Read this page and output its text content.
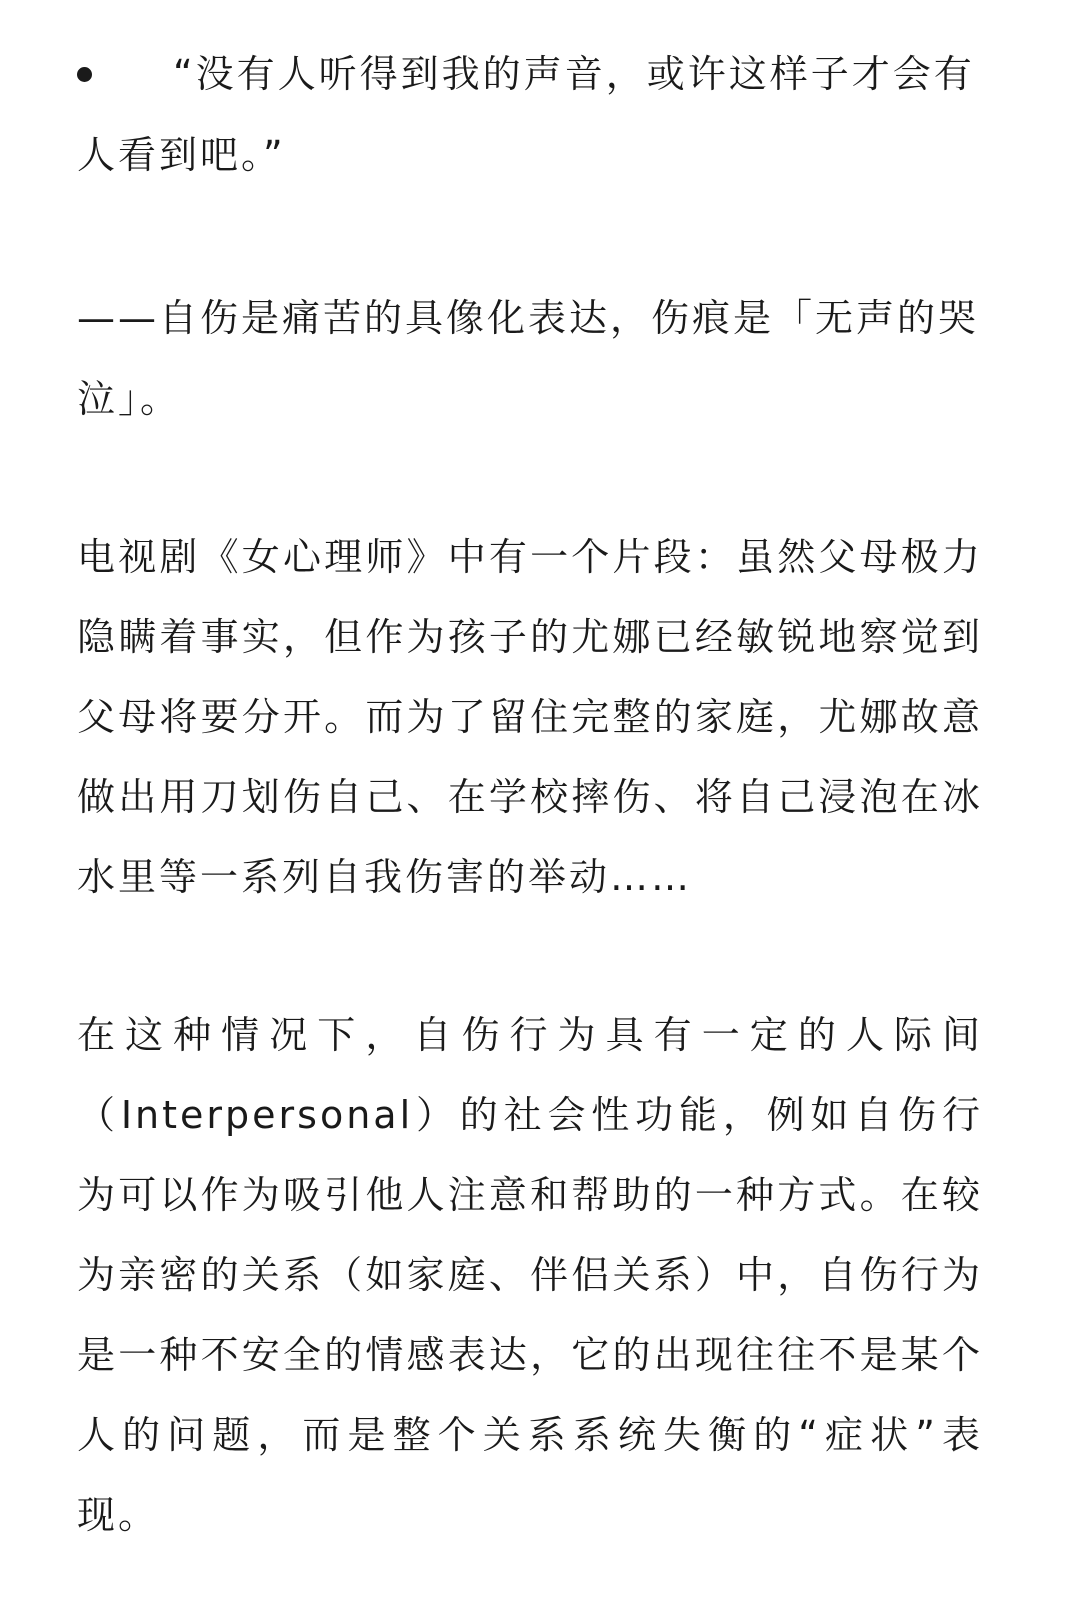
“没有人听得到我的声音，或许这样子才会有人看到吧。”
——自伤是痛苦的具像化表达，伤痕是「无声的哭泣」。
电视剧《女心理师》中有一个片段：虽然父母极力隐瞒着事实，但作为孩子的尤娜已经敏锐地察觉到父母将要分开。而为了留住完整的家庭，尤娜故意做出用刀划伤自己、在学校摔伤、将自己浸泡在冰水里等一系列自我伤害的举动……
在这种情况下，自伤行为具有一定的人际间（Interpersonal）的社会性功能，例如自伤行为可以作为吸引他人注意和帮助的一种方式。在较为亲密的关系（如家庭、伴侣关系）中，自伤行为是一种不安全的情感表达，它的出现往往不是某个人的问题，而是整个关系系统失衡的“症状”表现。
